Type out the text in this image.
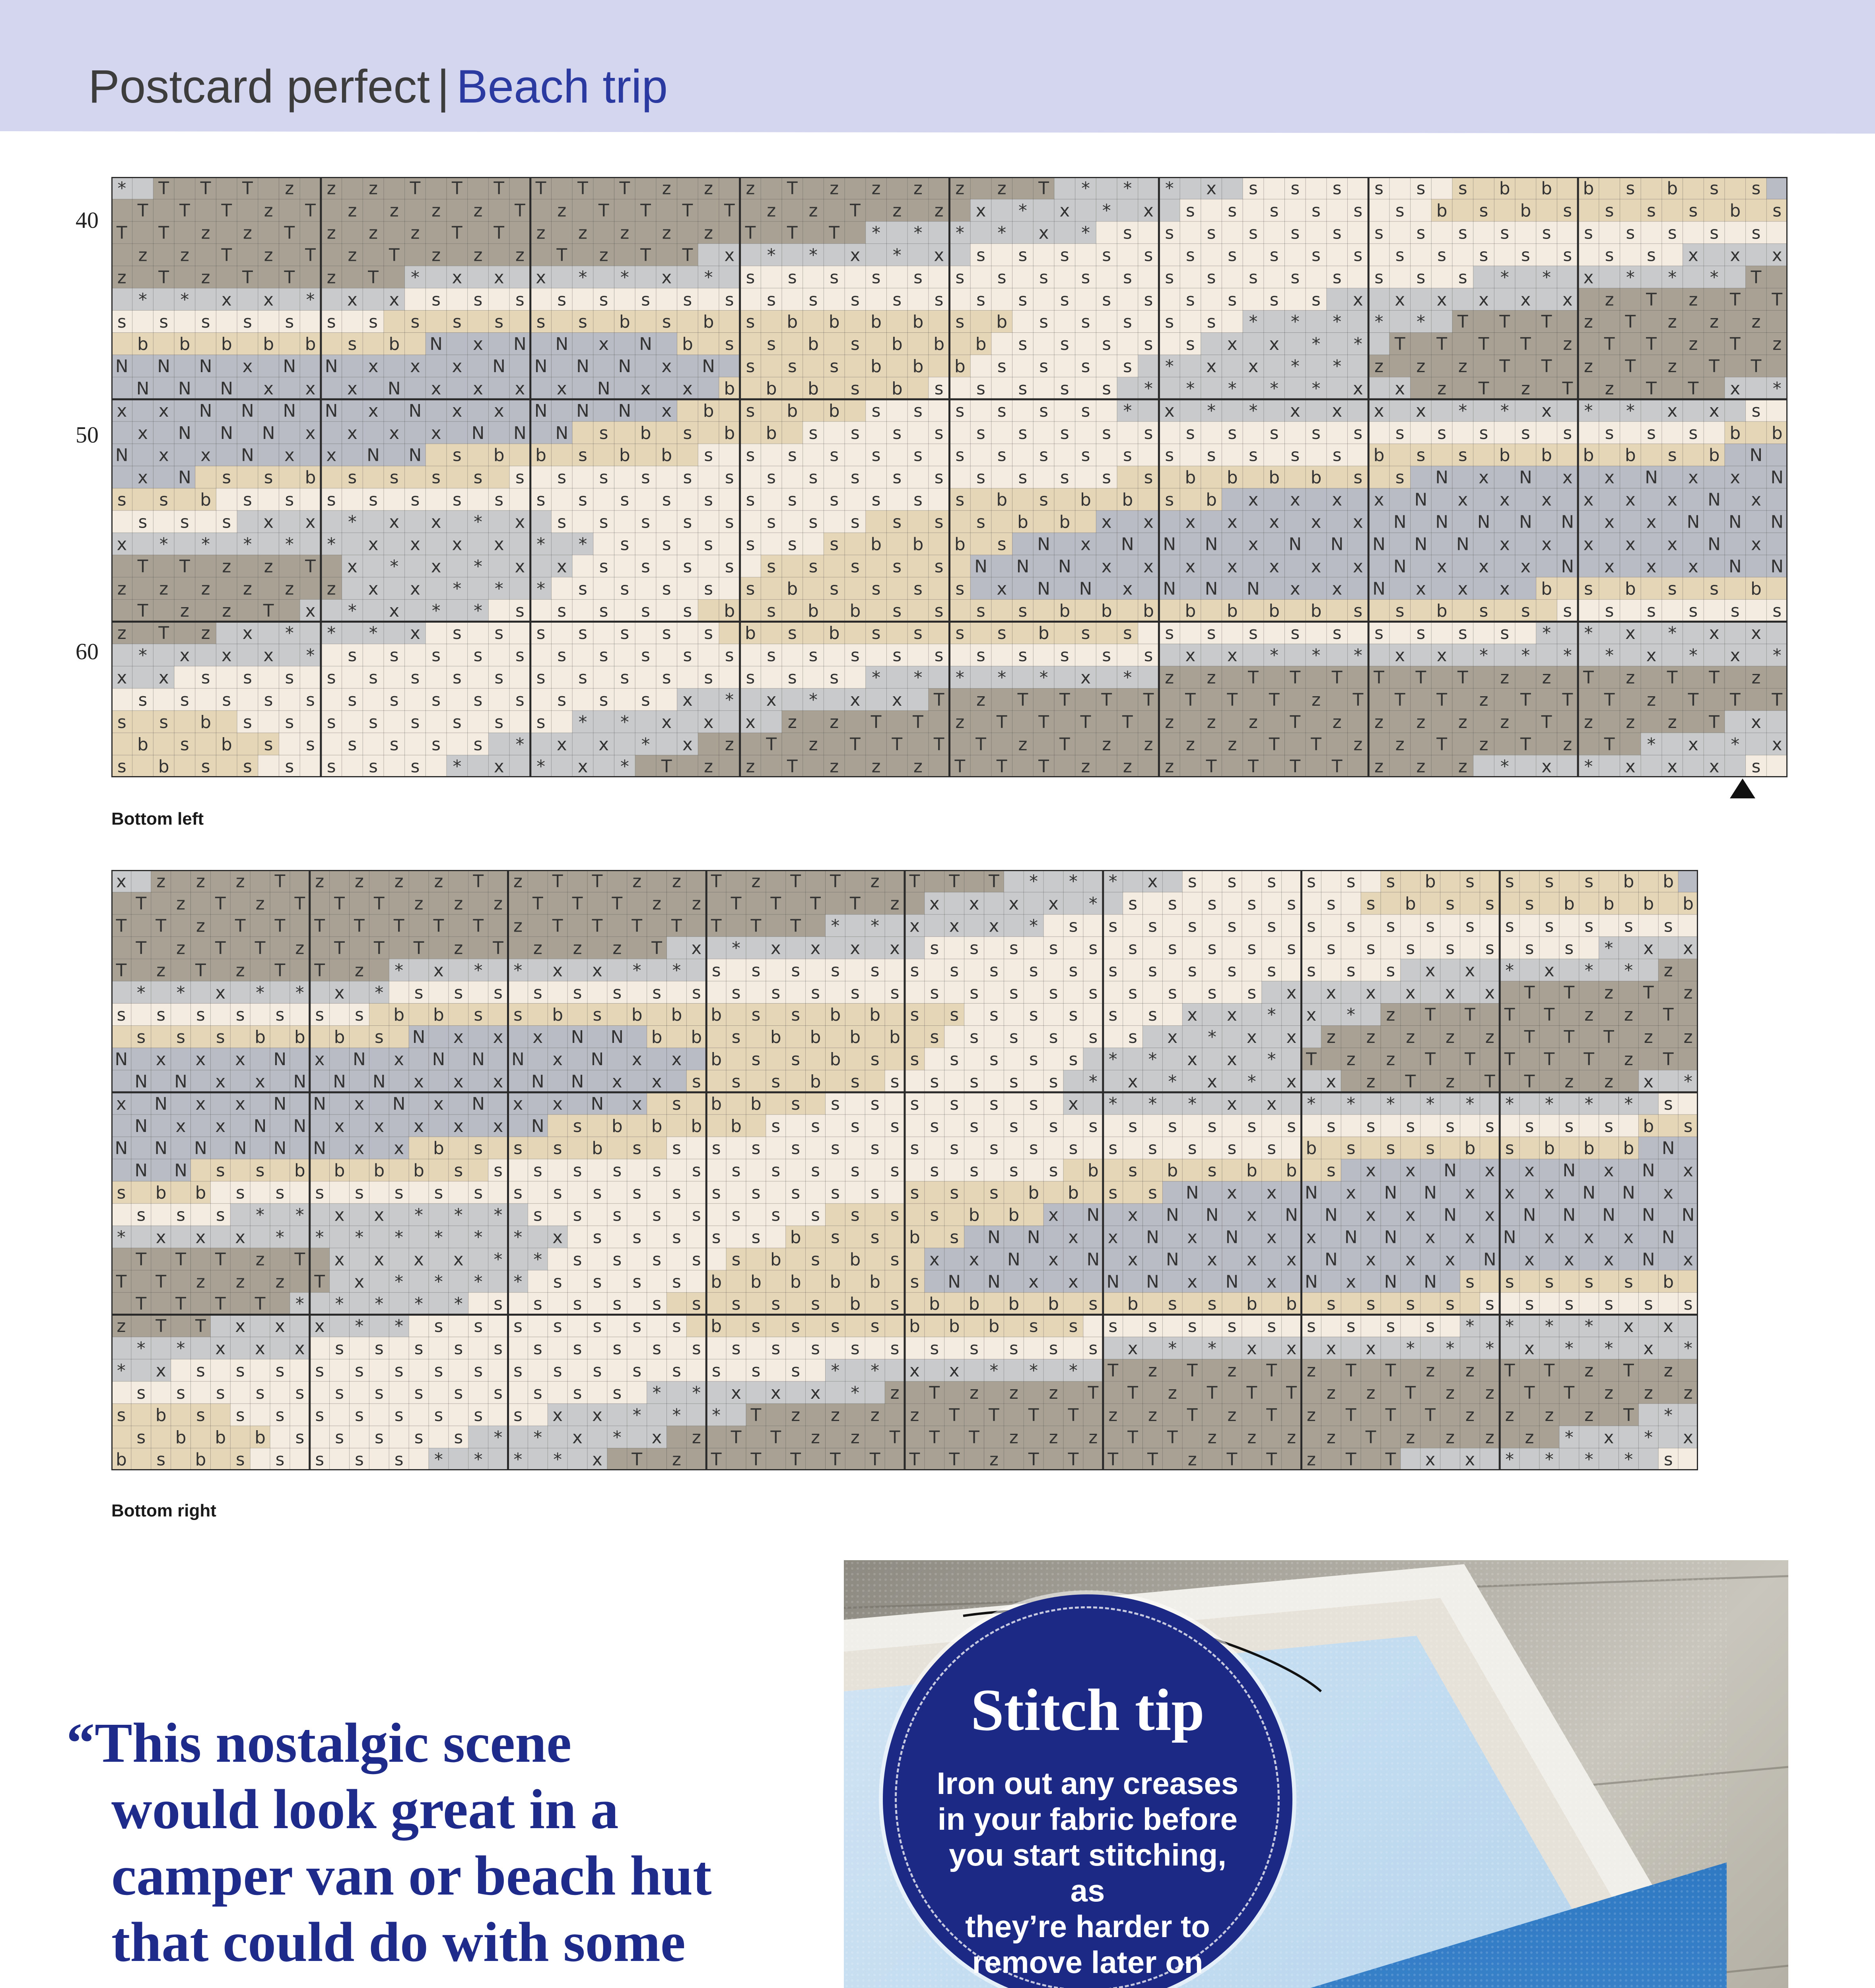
Postcard perfect | Beach trip
40
50
60
* T T T z z z T T T T T T z z z T z z z z z T * * * x s s s s s s b b b s b s s
T T T z T z z z z T z T T T T z z T z z x * x * x s s s s s s b s b s s s s b s
T T z z T z z z T T z z z z z T T T * * * * x * s s s s s s s s s s s s s s s s
z z T z T z T z z z T z T T x * * x * x s s s s s s s s s s s s s s s s s x x x
z T z T T z T * x x x * * x * s s s s s s s s s s s s s s s s s s * * x * * * T
* * x x * x x s s s s s s s s s s s s s s s s s s s s s s x x x x x x z T z T T
s s s s s s s s s s s s b s b s b b b b s b s s s s s * * * * * T T T z T z z z
b b b b b s b N x N N x N b s s b s b b b s s s s s x x * * T T T T z T T z T z
N N N x N N x x x N N N N x N s s s b b b s s s s * x x * * z z z T T z T z T T
N N N x x x N x x x x N x x b b b s b s s s s s * * * * * x x z T z T z T T x *
x x N N N N x N x x N N N x b s b b s s s s s s * x * * x x x x * * x * * x x s
x N N N x x x x N N N s b s b b s s s s s s s s s s s s s s s s s s s s s s b b
N x x N x x N N s b b s b b s s s s s s s s s s s s s s s s b s s b b b b s b N
x N s s b s s s s s s s s s s s s s s s s s s s s b b b b s s N x N x x N x x N
s s b s s s s s s s s s s s s s s s s s s b s b b s b x x x x N x x x x x x N x
s s s x x * x x * x s s s s s s s s s s s b b x x x x x x x N N N N N x x N N N
x * * * * * x x x x * * s s s s s s b b b s N x N N N x N N N N N x x x x x N x
T T z z T x * x * x x s s s s s s s s s N N N x x x x x x x N x x x N x x x N N
z z z z z z x x * * * s s s s s b s s s s x N N x N N N x x N x x x b s b s s b
T z z T x * x * * s s s s s b s b b s s s s b b b b b b b s s b s s s s s s s s
z T z x * * * x s s s s s s s b s b s s s s b s s s s s s s s s s s * * x * x x
* x x x * s s s s s s s s s s s s s s s s s s s s x x * * * x x * * * * x * x *
x x s s s s s s s s s s s s s s s s * * * * * x * z z T T T T T T z z T z T T z
s s s s s s s s s s s s s x * x * x x T z T T T T T T T z T T T z T T T z T T T
s s b s s s s s s s s * * x x x z z T T z T T T T z z z T z z z z z T z z z T x
b s b s s s s s s * x x * x z T z T T T T z T z z z z T T z z T z T z T * x * x
s b s s s s s s * x * x * T z z T z z z T T T z z z T T T T z z z * x * x x x s
Bottom left
x z z z T z z z z T z T T z z T z T T z T T T * * * x s s s s s s b s s s s b b
T z T z T T T z z z T T T z z T T T T z x x x x * s s s s s s s b s s s b b b b
T T z T T T T T T T z T T T T T T T * * x x x * s s s s s s s s s s s s s s s s
T z T T z T T T z T z z z T x * x x x x s s s s s s s s s s s s s s s s s * x x
T z T z T T z * x * * x x * * s s s s s s s s s s s s s s s s s s x x * x * * z
* * x * * x * s s s s s s s s s s s s s s s s s s s s s s x x x x x x T T z T z
s s s s s s s b b s s b s b b b s s b b s s s s s s s x x * x * z T T T T z z T
s s s b b b s N x x x N N b b s b b b b s s s s s s x * x x z z z z z T T T z z
N x x x N x N x N N N x N x x b s s b s s s s s s * * x x * T z z T T T T T z T
N N x x N N N x x x N N x x s s s b s s s s s s * x * x * x x z T z T T z z x *
x N x x N N x N x N x x N x s b b s s s s s s s x * * * x x * * * * * * * * * s
N x x N N x x x x x N s b b b b s s s s s s s s s s s s s s s s s s s s s s b s
N N N N N N x x b s s s b s s s s s s s s s s s s s s s s s b s s s b s b b b N
N N s s b b b b s s s s s s s s s s s s s s s s b s b s b b s x x N x x N x N x
s b b s s s s s s s s s s s s s s s s s s s s b b s s N x x N x N N x x x N N x
s s s * * x x * * * s s s s s s s s s s s b b x N x N N x N N x x N x N N N N N
* x x x * * * * * * * x s s s s s b s s b s N N x x N x N x x N N x x N x x x N
T T T z T x x x x * * s s s s s b s b s x x N x N x N x x x N x x x N x x x N x
T T z z z T x * * * * s s s s b b b b b s N N x x N N x N x N x N N s s s s s b
T T T T * * * * * s s s s s s s s s b s b b b b s b s s b b s s s s s s s s s s
z T T x x x * * s s s s s s s b s s s s b b b s s s s s s s s s s s * * * * x x
* * x x x s s s s s s s s s s s s s s s s s s s s x * * x x x x * * * x * * x *
* x s s s s s s s s s s s s s s s s * * x x * * * T z T z T z T T z z T T z T z
s s s s s s s s s s s s s * * x x x * z T z z z T T z T T T z z T z z T T z z z
s b s s s s s s s s s x x * * * T z z z z T T T T z z T z T z T T T z z z z T *
s b b b s s s s s * * x * x z T T z z T T T z z z T T z z z z T z z z z * x * x
b s b s s s s s * * * * x T z T T T T T T T z T T T T z T T z T T x x * * * * s
Bottom right

“This nostalgic scene

would look great in a

camper van or beach hut

that could do with some

Stitch tip
Iron out any creases
in your fabric before
you start stitching, as
they’re harder to
remove later on
